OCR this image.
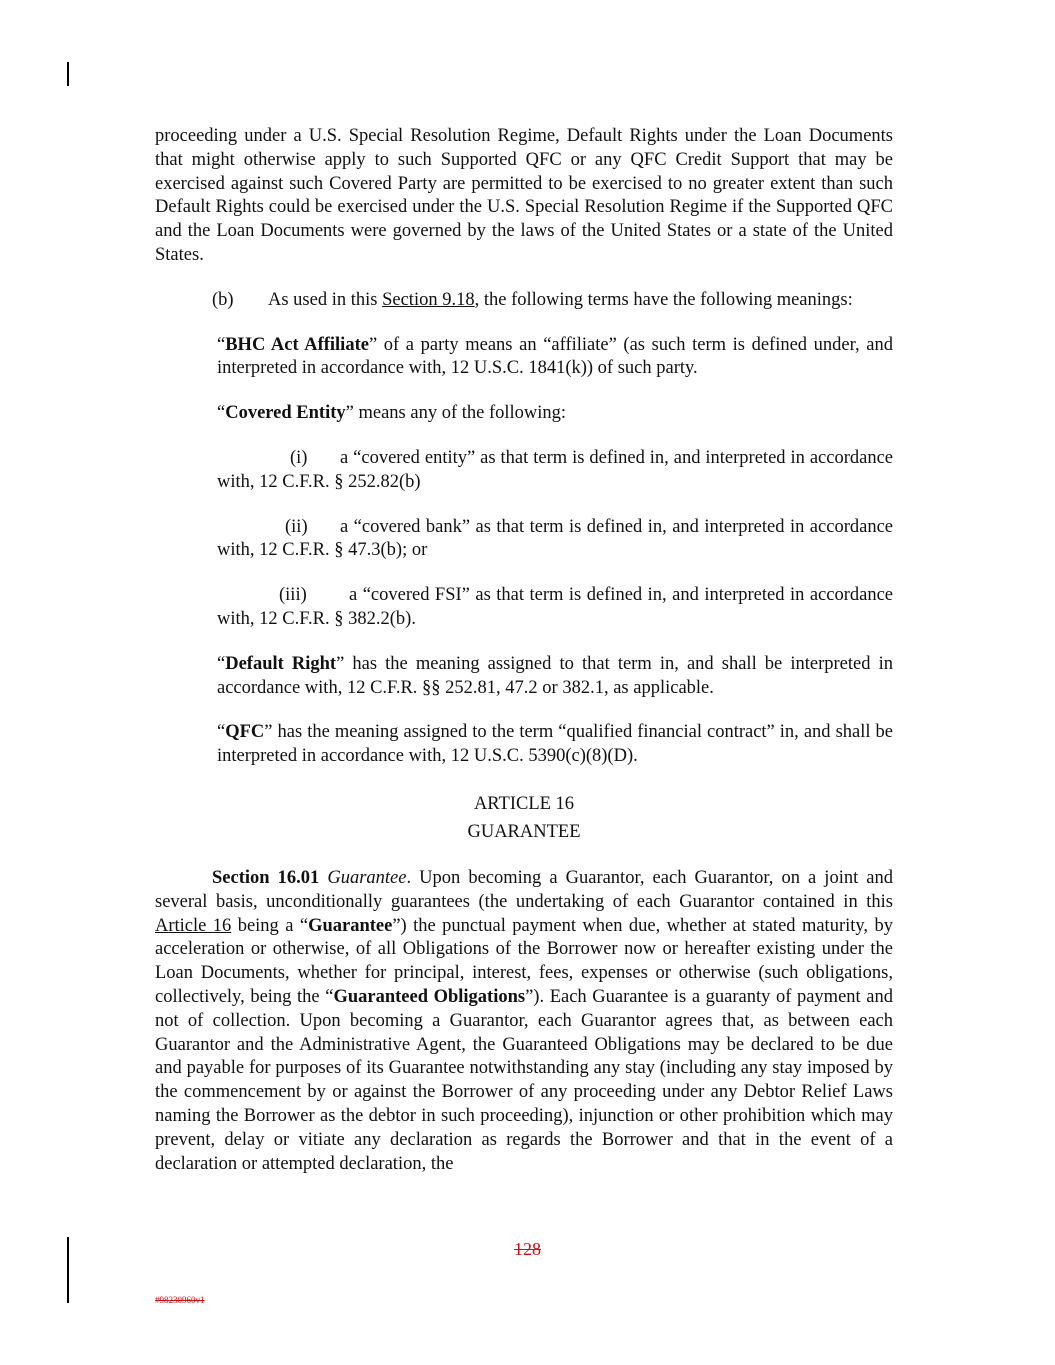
proceeding under a U.S. Special Resolution Regime, Default Rights under the Loan Documents that might otherwise apply to such Supported QFC or any QFC Credit Support that may be exercised against such Covered Party are permitted to be exercised to no greater extent than such Default Rights could be exercised under the U.S. Special Resolution Regime if the Supported QFC and the Loan Documents were governed by the laws of the United States or a state of the United States.

(b) As used in this Section 9.18, the following terms have the following meanings:

“BHC Act Affiliate” of a party means an “affiliate” (as such term is defined under, and interpreted in accordance with, 12 U.S.C. 1841(k)) of such party.

“Covered Entity” means any of the following:

(i) a “covered entity” as that term is defined in, and interpreted in accordance with, 12 C.F.R. § 252.82(b)

(ii) a “covered bank” as that term is defined in, and interpreted in accordance with, 12 C.F.R. § 47.3(b); or

(iii) a “covered FSI” as that term is defined in, and interpreted in accordance with, 12 C.F.R. § 382.2(b).

“Default Right” has the meaning assigned to that term in, and shall be interpreted in accordance with, 12 C.F.R. §§ 252.81, 47.2 or 382.1, as applicable.

“QFC” has the meaning assigned to the term “qualified financial contract” in, and shall be interpreted in accordance with, 12 U.S.C. 5390(c)(8)(D).

ARTICLE 16
GUARANTEE

Section 16.01 Guarantee. Upon becoming a Guarantor, each Guarantor, on a joint and several basis, unconditionally guarantees (the undertaking of each Guarantor contained in this Article 16 being a “Guarantee”) the punctual payment when due, whether at stated maturity, by acceleration or otherwise, of all Obligations of the Borrower now or hereafter existing under the Loan Documents, whether for principal, interest, fees, expenses or otherwise (such obligations, collectively, being the “Guaranteed Obligations”). Each Guarantee is a guaranty of payment and not of collection. Upon becoming a Guarantor, each Guarantor agrees that, as between each Guarantor and the Administrative Agent, the Guaranteed Obligations may be declared to be due and payable for purposes of its Guarantee notwithstanding any stay (including any stay imposed by the commencement by or against the Borrower of any proceeding under any Debtor Relief Laws naming the Borrower as the debtor in such proceeding), injunction or other prohibition which may prevent, delay or vitiate any declaration as regards the Borrower and that in the event of a declaration or attempted declaration, the

128
#98230960v1
